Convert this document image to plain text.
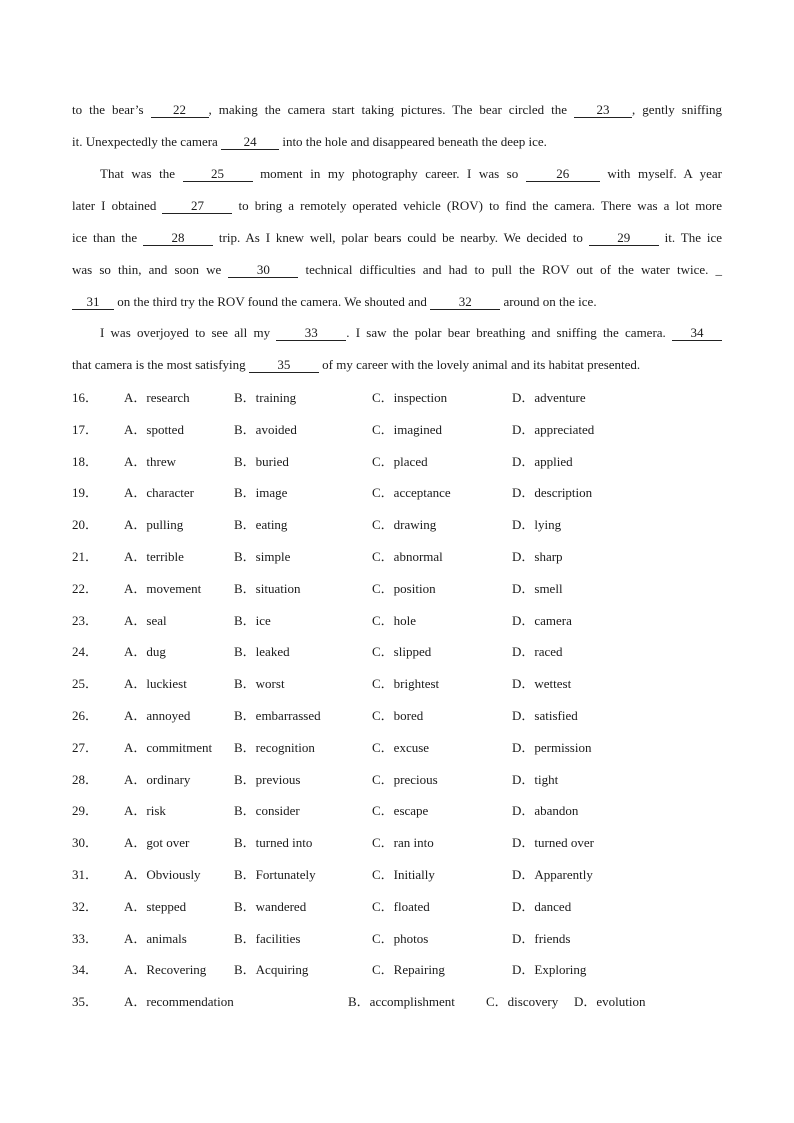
to the bear’s 22 , making the camera start taking pictures. The bear circled the 23 , gently sniffing
it. Unexpectedly the camera 24 into the hole and disappeared beneath the deep ice.
That was the 25 moment in my photography career. I was so 26 with myself. A year
later I obtained 27 to bring a remotely operated vehicle (ROV) to find the camera. There was a lot more
ice than the 28 trip. As I knew well, polar bears could be nearby. We decided to 29 it. The ice
was so thin, and soon we 30 technical difficulties and had to pull the ROV out of the water twice. _
31 on the third try the ROV found the camera. We shouted and 32 around on the ice.
I was overjoyed to see all my 33 . I saw the polar bear breathing and sniffing the camera. 34
that camera is the most satisfying 35 of my career with the lovely animal and its habitat presented.
16． A．research	B．training	C．inspection	D．adventure
17． A．spotted	B．avoided	C．imagined	D．appreciated
18． A．threw	B．buried	C．placed	D．applied
19． A．character	B．image	C．acceptance	D．description
20． A．pulling	B．eating	C．drawing	D．lying
21． A．terrible	B．simple	C．abnormal	D．sharp
22． A．movement	B．situation	C．position	D．smell
23． A．seal	B．ice	C．hole	D．camera
24． A．dug	B．leaked	C．slipped	D．raced
25． A．luckiest	B．worst	C．brightest	D．wettest
26． A．annoyed	B．embarrassed	C．bored	D．satisfied
27． A．commitment B．recognition	C．excuse	D．permission
28． A．ordinary	B．previous	C．precious	D．tight
29． A．risk	B．consider	C．escape	D．abandon
30． A．got over	B．turned into	C．ran into	D．turned over
31． A．Obviously	B．Fortunately	C．Initially	D．Apparently
32． A．stepped	B．wandered	C．floated	D．danced
33． A．animals	B．facilities	C．photos	D．friends
34． A．Recovering B．Acquiring	C．Repairing	D．Exploring
35． A．recommendation	B．accomplishment C．discovery D．evolution
